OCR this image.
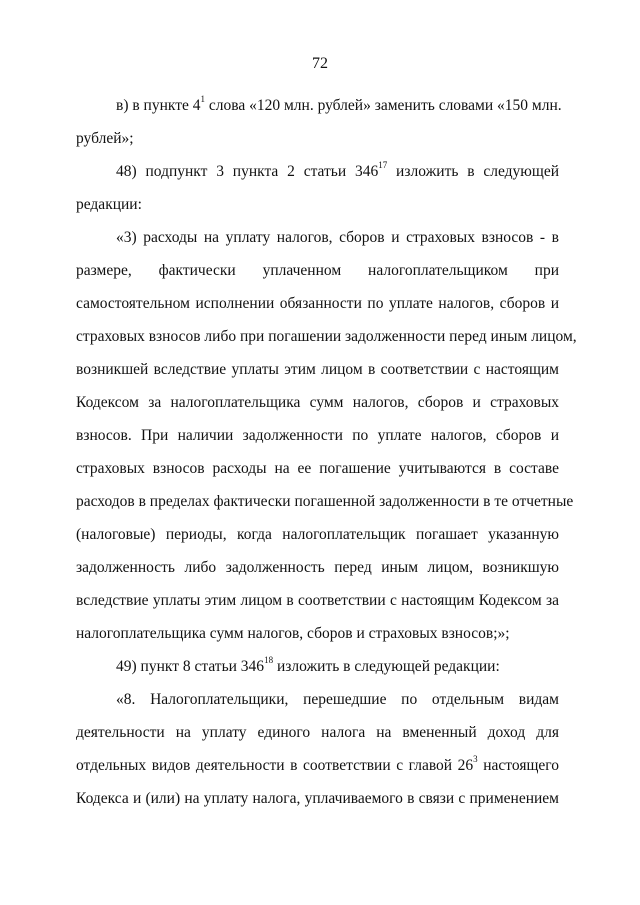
72
в) в пункте $4^1$ слова «120 млн. рублей» заменить словами «150 млн.
рублей»;
48) подпункт 3 пункта 2 статьи $346^{17}$ изложить в следующей
редакции:
«3) расходы на уплату налогов, сборов и страховых взносов - в
размере, фактически уплаченном налогоплательщиком при
самостоятельном исполнении обязанности по уплате налогов, сборов и
страховых взносов либо при погашении задолженности перед иным лицом,
возникшей вследствие уплаты этим лицом в соответствии с настоящим
Кодексом за налогоплательщика сумм налогов, сборов и страховых
взносов. При наличии задолженности по уплате налогов, сборов и
страховых взносов расходы на ее погашение учитываются в составе
расходов в пределах фактически погашенной задолженности в те отчетные
(налоговые) периоды, когда налогоплательщик погашает указанную
задолженность либо задолженность перед иным лицом, возникшую
вследствие уплаты этим лицом в соответствии с настоящим Кодексом за
налогоплательщика сумм налогов, сборов и страховых взносов;»;
49) пункт 8 статьи $346^{18}$ изложить в следующей редакции:
«8. Налогоплательщики, перешедшие по отдельным видам
деятельности на уплату единого налога на вмененный доход для
отдельных видов деятельности в соответствии с главой $26^3$ настоящего
Кодекса и (или) на уплату налога, уплачиваемого в связи с применением
